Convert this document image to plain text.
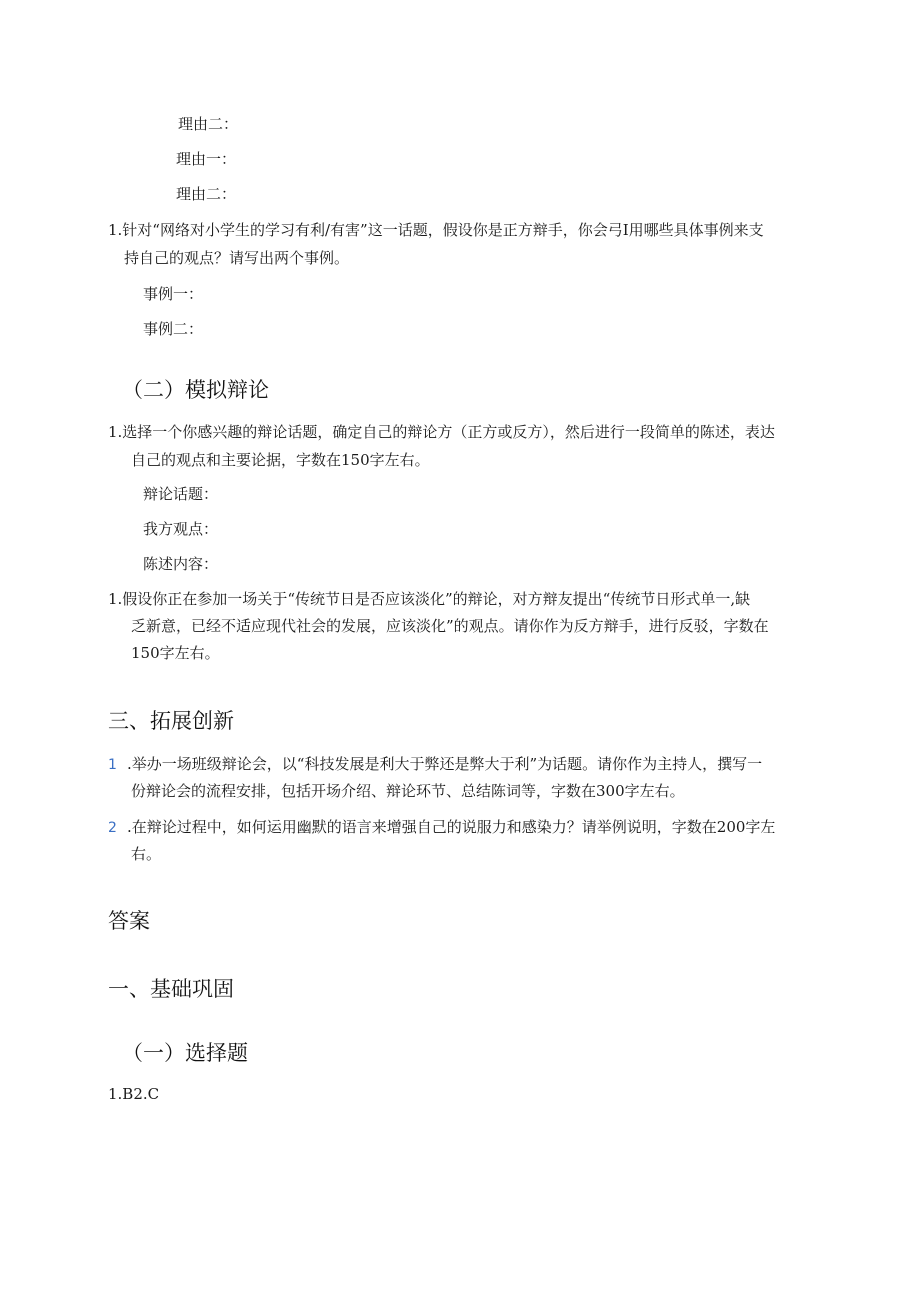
理由二：
理由一：
理由二：
1.针对“网络对小学生的学习有利/有害”这一话题，假设你是正方辩手，你会弓I用哪些具体事例来支
持自己的观点？请写出两个事例。
事例一：
事例二：
（二）模拟辩论
1.选择一个你感兴趣的辩论话题，确定自己的辩论方（正方或反方），然后进行一段简单的陈述，表达
自己的观点和主要论据，字数在150字左右。
辩论话题：
我方观点：
陈述内容：
1.假设你正在参加一场关于“传统节日是否应该淡化”的辩论，对方辩友提出“传统节日形式单一,缺
乏新意，已经不适应现代社会的发展，应该淡化”的观点。请你作为反方辩手，进行反驳，字数在
150字左右。
三、拓展创新
1 .举办一场班级辩论会，以“科技发展是利大于弊还是弊大于利”为话题。请你作为主持人，撰写一
份辩论会的流程安排，包括开场介绍、辩论环节、总结陈词等，字数在300字左右。
2 .在辩论过程中，如何运用幽默的语言来增强自己的说服力和感染力？请举例说明，字数在200字左
右。
答案
一、基础巩固
（一）选择题
1.B2.C
